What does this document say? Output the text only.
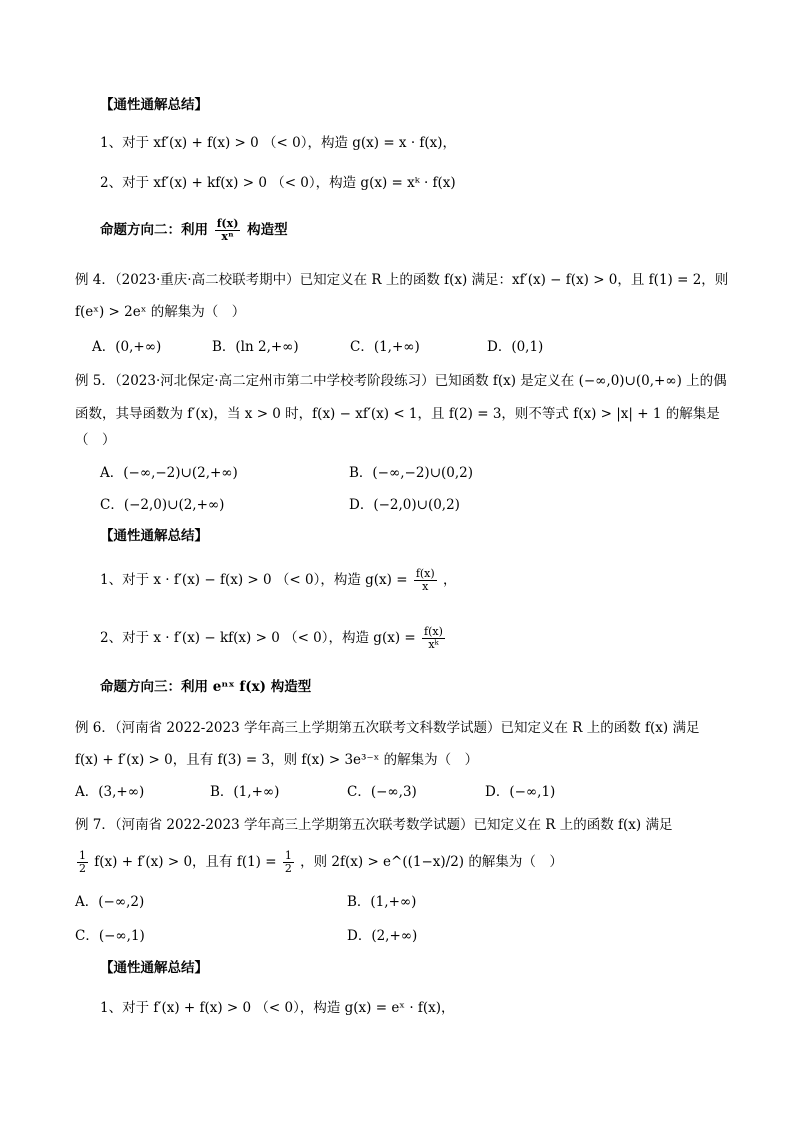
【通性通解总结】
1、对于 xf′(x) + f(x) > 0 （< 0），构造 g(x) = x · f(x)，
2、对于 xf′(x) + kf(x) > 0 （< 0），构造 g(x) = xᵏ · f(x)
命题方向二：利用 $\frac{f(x)}{\text{xⁿ}}$ 构造型
例 4．（2023·重庆·高二校联考期中）已知定义在 R 上的函数 f(x) 满足：xf′(x) − f(x) > 0，且 f(1) = 2，则
f(eˣ) > 2eˣ 的解集为（　）
A．(0,+∞)	B．(ln 2,+∞)	C．(1,+∞)	D．(0,1)
例 5．（2023·河北保定·高二定州市第二中学校考阶段练习）已知函数 f(x) 是定义在 (−∞,0)∪(0,+∞) 上的偶
函数，其导函数为 f′(x)，当 x > 0 时，f(x) − xf′(x) < 1，且 f(2) = 3，则不等式 f(x) > |x| + 1 的解集是
（　）
A．(−∞,−2)∪(2,+∞)	B．(−∞,−2)∪(0,2)
C．(−2,0)∪(2,+∞)	D．(−2,0)∪(0,2)
【通性通解总结】
1、对于 x · f′(x) − f(x) > 0 （< 0），构造 $g(x) = \frac{f(x)}{x}$ ，
2、对于 x · f′(x) − kf(x) > 0 （< 0），构造 $g(x) = \frac{f(x)}{\text{xᵏ}}$
命题方向三：利用 eⁿˣ f(x) 构造型
例 6．（河南省 2022-2023 学年高三上学期第五次联考文科数学试题）已知定义在 R 上的函数 f(x) 满足
f(x) + f′(x) > 0，且有 f(3) = 3，则 f(x) > 3e³⁻ˣ 的解集为（　）
A．(3,+∞)	B．(1,+∞)	C．(−∞,3)	D．(−∞,1)
例 7．（河南省 2022-2023 学年高三上学期第五次联考数学试题）已知定义在 R 上的函数 f(x) 满足
$\frac{1}{2} f(x) + f'(x) > 0$，且有 $f(1) = \frac{1}{2}$ ，则 2f(x) > e^((1−x)/2) 的解集为（　）
A．(−∞,2)	B．(1,+∞)
C．(−∞,1)	D．(2,+∞)
【通性通解总结】
1、对于 f′(x) + f(x) > 0 （< 0），构造 g(x) = eˣ · f(x)，
